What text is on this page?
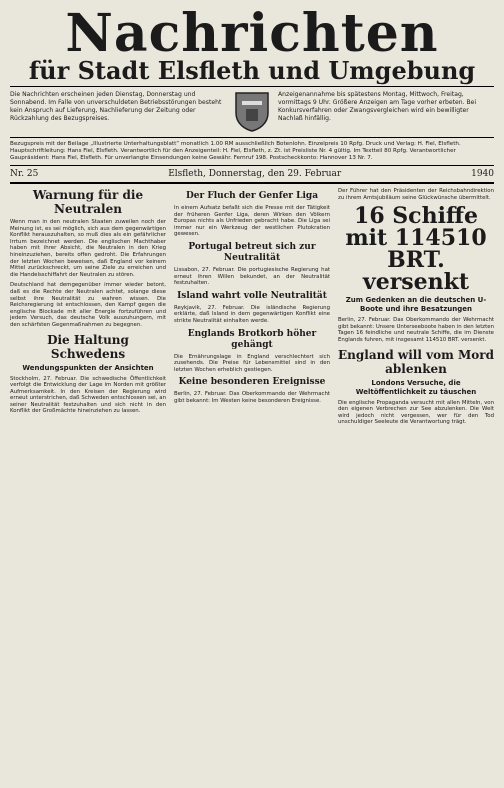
Nachrichten
für Stadt Elsfleth und Umgebung
Die Nachrichten erscheinen jeden Dienstag, Donnerstag und Sonnabend. Im Falle von unverschuldeten Betriebsstörungen besteht kein Anspruch auf Lieferung, Nachlieferung der Zeitung oder Rückzahlung des Bezugspreises.
Anzeigenannahme bis spätestens Montag, Mittwoch, Freitag, vormittags 9 Uhr. Größere Anzeigen am Tage vorher erbeten. Bei Konkursverfahren oder Zwangsvergleichen wird ein bewilligter Nachlaß hinfällig.
Bezugspreis mit der Beilage „Illustrierte Unterhaltungsblatt“ monatlich 1.00 RM ausschließlich Botenlohn. Einzelpreis 10 Rpfg. Druck und Verlag: H. Fiel, Elsfleth. Hauptschriftleitung: Hans Fiel, Elsfleth. Verantwortlich für den Anzeigenteil: H. Fiel, Elsfleth, z. Zt. ist Preisliste Nr. 4 gültig. Im Textteil 80 Rpfg. Verantwortlicher Gaupräsident: Hans Fiel, Elsfleth. Für unverlangte Einsendungen keine Gewähr. Fernruf 198. Postscheckkonto: Hannover 13 Nr. 7.
Nr. 25	Elsfleth, Donnerstag, den 29. Februar	1940
Warnung für die Neutralen

Wenn man in den neutralen Staaten zuweilen noch der Meinung ist, es sei möglich, sich aus dem gegenwärtigen Konflikt herauszuhalten, so muß dies als ein gefährlicher Irrtum bezeichnet werden. Die englischen Machthaber haben mit ihrer Absicht, die Neutralen in den Krieg hineinzuziehen, bereits offen gedroht. Die Erfahrungen der letzten Wochen beweisen, daß England vor keinem Mittel zurückschreckt, um seine Ziele zu erreichen und die Handelsschiffahrt der Neutralen zu stören.

Deutschland hat demgegenüber immer wieder betont, daß es die Rechte der Neutralen achtet, solange diese selbst ihre Neutralität zu wahren wissen. Die Reichsregierung ist entschlossen, den Kampf gegen die englische Blockade mit aller Energie fortzuführen und jedem Versuch, das deutsche Volk auszuhungern, mit den schärfsten Gegenmaßnahmen zu begegnen.

Die Haltung Schwedens
Wendungspunkten der Ansichten

Stockholm, 27. Februar. Die schwedische Öffentlichkeit verfolgt die Entwicklung der Lage im Norden mit größter Aufmerksamkeit. In den Kreisen der Regierung wird erneut unterstrichen, daß Schweden entschlossen sei, an seiner Neutralität festzuhalten und sich nicht in den Konflikt der Großmächte hineinziehen zu lassen.

Der Fluch der Genfer Liga

In einem Aufsatz befaßt sich die Presse mit der Tätigkeit der früheren Genfer Liga, deren Wirken den Völkern Europas nichts als Unfrieden gebracht habe. Die Liga sei immer nur ein Werkzeug der westlichen Plutokratien gewesen.

Portugal betreut sich zur Neutralität

Lissabon, 27. Februar. Die portugiesische Regierung hat erneut ihren Willen bekundet, an der Neutralität festzuhalten.

Island wahrt volle Neutralität

Reykjavik, 27. Februar. Die isländische Regierung erklärte, daß Island in dem gegenwärtigen Konflikt eine strikte Neutralität einhalten werde.

Englands Brotkorb höher gehängt

Die Ernährungslage in England verschlechtert sich zusehends. Die Preise für Lebensmittel sind in den letzten Wochen erheblich gestiegen.

Keine besonderen Ereignisse

Berlin, 27. Februar. Das Oberkommando der Wehrmacht gibt bekannt: Im Westen keine besonderen Ereignisse.

Der Führer hat den Präsidenten der Reichsbahndirektion zu ihrem Amtsjubiläum seine Glückwünsche übermittelt.

16 Schiffe mit 114510 BRT. versenkt
Zum Gedenken an die deutschen U-Boote und ihre Besatzungen

Berlin, 27. Februar. Das Oberkommando der Wehrmacht gibt bekannt: Unsere Unterseeboote haben in den letzten Tagen 16 feindliche und neutrale Schiffe, die im Dienste Englands fuhren, mit insgesamt 114510 BRT. versenkt.

England will vom Mord ablenken
Londons Versuche, die Weltöffentlichkeit zu täuschen

Die englische Propaganda versucht mit allen Mitteln, von den eigenen Verbrechen zur See abzulenken. Die Welt wird jedoch nicht vergessen, wer für den Tod unschuldiger Seeleute die Verantwortung trägt.
